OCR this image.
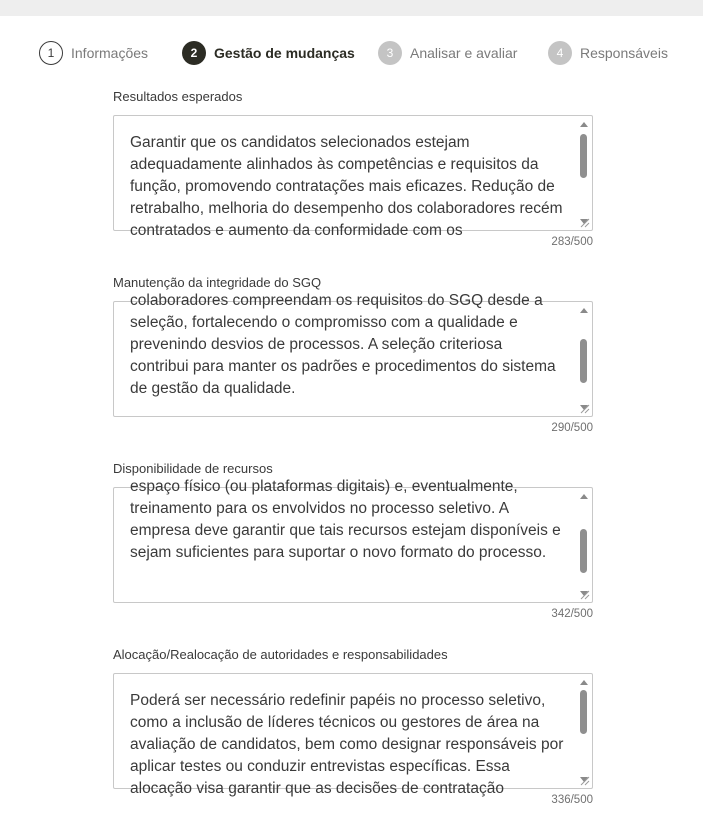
1	Informações	2	Gestão de mudanças	3	Analisar e avaliar	4	Responsáveis
Resultados esperados
Garantir que os candidatos selecionados estejam adequadamente alinhados às competências e requisitos da função, promovendo contratações mais eficazes. Redução de retrabalho, melhoria do desempenho dos colaboradores recém contratados e aumento da conformidade com os
283/500
Manutenção da integridade do SGQ
colaboradores compreendam os requisitos do SGQ desde a seleção, fortalecendo o compromisso com a qualidade e prevenindo desvios de processos. A seleção criteriosa contribui para manter os padrões e procedimentos do sistema de gestão da qualidade.
290/500
Disponibilidade de recursos
espaço físico (ou plataformas digitais) e, eventualmente, treinamento para os envolvidos no processo seletivo. A empresa deve garantir que tais recursos estejam disponíveis e sejam suficientes para suportar o novo formato do processo.
342/500
Alocação/Realocação de autoridades e responsabilidades
Poderá ser necessário redefinir papéis no processo seletivo, como a inclusão de líderes técnicos ou gestores de área na avaliação de candidatos, bem como designar responsáveis por aplicar testes ou conduzir entrevistas específicas. Essa alocação visa garantir que as decisões de contratação
336/500
